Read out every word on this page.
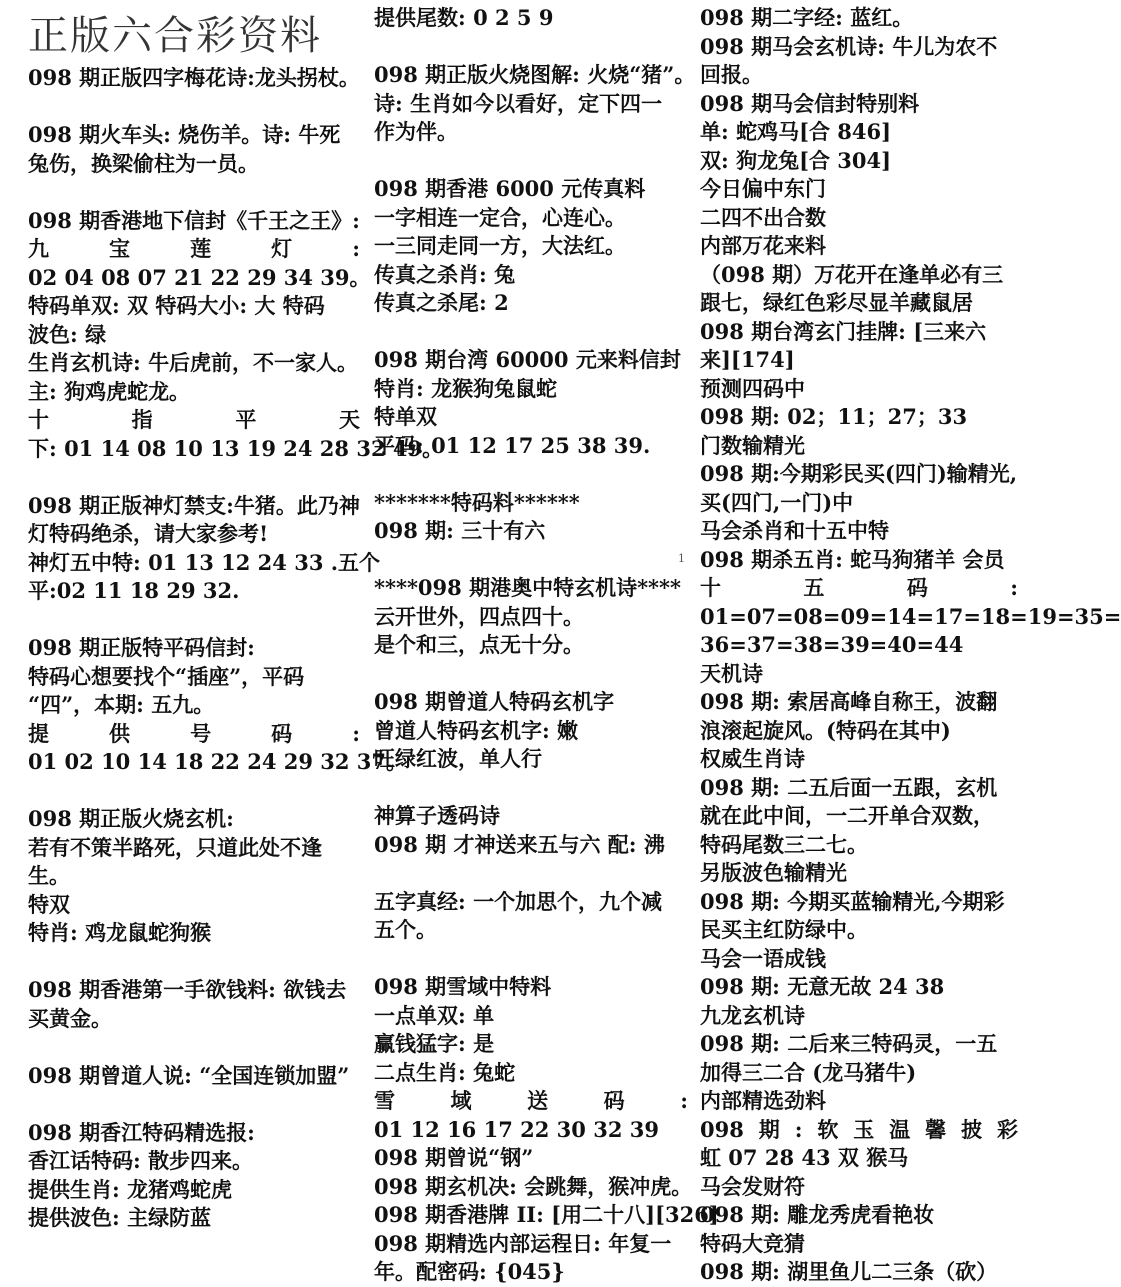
正版六合彩资料
098 期正版四字梅花诗:龙头拐杖。
098 期火车头: 烧伤羊。诗: 牛死
兔伤，换梁偷柱为一员。
098 期香港地下信封《千王之王》:
九	宝	莲	灯	:
02 04 08 07 21 22 29 34 39。
特码单双: 双 特码大小: 大 特码
波色: 绿
生肖玄机诗: 牛后虎前，不一家人。
主: 狗鸡虎蛇龙。
十	指	平	天
下: 01 14 08 10 13 19 24 28 32 49。
098 期正版神灯禁支:牛猪。此乃神
灯特码绝杀，请大家参考!
神灯五中特: 01 13 12 24 33 .五个
平:02 11 18 29 32.
098 期正版特平码信封:
特码心想要找个“插座”，平码
“四”，本期: 五九。
提	供	号	码	:
01 02 10 14 18 22 24 29 32 37。
098 期正版火烧玄机:
若有不策半路死，只道此处不逢
生。
特双
特肖: 鸡龙鼠蛇狗猴
098 期香港第一手欲钱料: 欲钱去
买黄金。
098 期曾道人说: “全国连锁加盟”
098 期香江特码精选报:
香江话特码: 散步四来。
提供生肖: 龙猪鸡蛇虎
提供波色: 主绿防蓝
提供尾数: 0 2 5 9
098 期正版火烧图解: 火烧“猪”。
诗: 生肖如今以看好，定下四一
作为伴。
098 期香港 6000 元传真料
一字相连一定合，心连心。
一三同走同一方，大法红。
传真之杀肖: 兔
传真之杀尾: 2
098 期台湾 60000 元来料信封
特肖: 龙猴狗兔鼠蛇
特单双
平码: 01 12 17 25 38 39.
*******特码料******
098 期: 三十有六
****098 期港奥中特玄机诗****
云开世外，四点四十。
是个和三，点无十分。
098 期曾道人特码玄机字
曾道人特码玄机字: 嫩
旺绿红波，单人行
神算子透码诗
098 期 才神送来五与六 配: 沸
五字真经: 一个加思个，九个减
五个。
098 期雪域中特料
一点单双: 单
赢钱猛字: 是
二点生肖: 兔蛇
雪	域	送	码	:
01 12 16 17 22 30 32 39
098 期曾说“钢”
098 期玄机决: 会跳舞，猴冲虎。
098 期香港牌 II: [用二十八][326]
098 期精选内部运程日: 年复一
年。配密码: {045}
098 期二字经: 蓝红。
098 期马会玄机诗: 牛儿为农不
回报。
098 期马会信封特别料
单: 蛇鸡马[合 846]
双: 狗龙兔[合 304]
今日偏中东门
二四不出合数
内部万花来料
（098 期）万花开在逢单必有三
跟七，绿红色彩尽显羊藏鼠居
098 期台湾玄门挂牌: [三来六
来][174]
预测四码中
098 期: 02；11；27；33
门数输精光
098 期:今期彩民买(四门)输精光,
买(四门,一门)中
马会杀肖和十五中特
098 期杀五肖: 蛇马狗猪羊 会员
十	五	码	:
01=07=08=09=14=17=18=19=35=
36=37=38=39=40=44
天机诗
098 期: 索居高峰自称王，波翻
浪滚起旋风。(特码在其中)
权威生肖诗
098 期: 二五后面一五跟，玄机
就在此中间，一二开单合双数，
特码尾数三二七。
另版波色输精光
098 期: 今期买蓝输精光,今期彩
民买主红防绿中。
马会一语成钱
098 期: 无意无故 24 38
九龙玄机诗
098 期: 二后来三特码灵，一五
加得三二合 (龙马猪牛)
内部精选劲料
098 期 : 软 玉 温 馨 披 彩
虹 07 28 43 双 猴马
马会发财符
098 期: 雕龙秀虎看艳妆
特码大竞猜
098 期: 湖里鱼儿二三条（砍）
1
